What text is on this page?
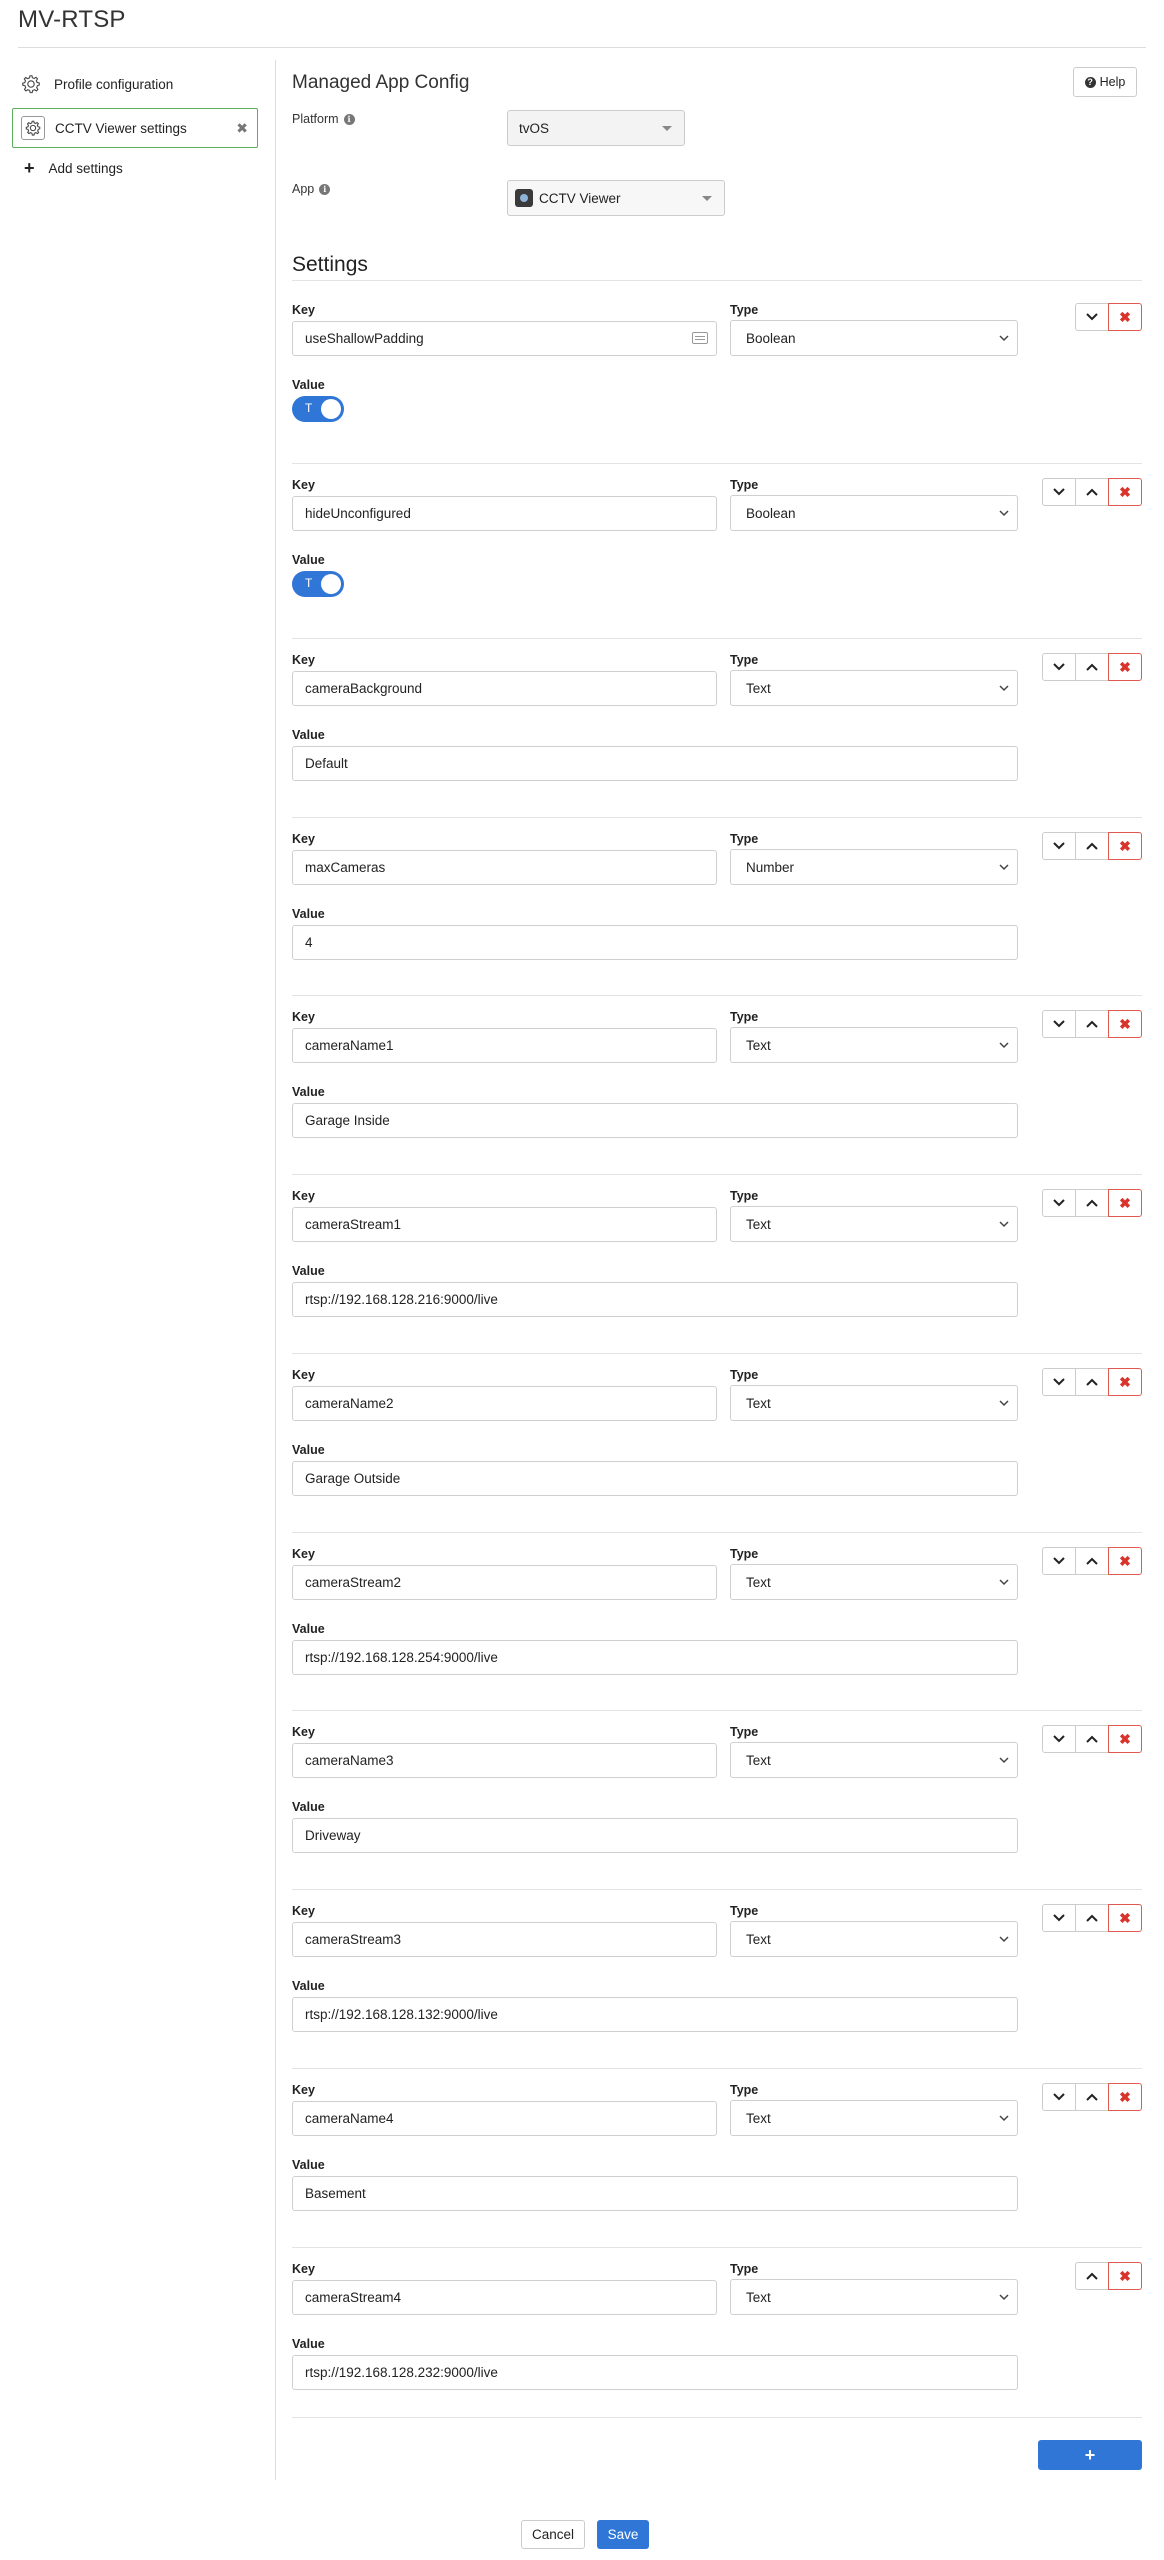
MV-RTSP
Profile configuration
CCTV Viewer settings	✖
+ Add settings
Managed App Config	? Help
Platform	i
tvOS
App	i
CCTV Viewer
Settings
Key	Type
useShallowPadding	Boolean
Value
T
✖
Key	Type
hideUnconfigured	Boolean
Value
T
✖
Key	Type
cameraBackground	Text
Value
Default
✖
Key	Type
maxCameras	Number
Value
4
✖
Key	Type
cameraName1	Text
Value
Garage Inside
✖
Key	Type
cameraStream1	Text
Value
rtsp://192.168.128.216:9000/live
✖
Key	Type
cameraName2	Text
Value
Garage Outside
✖
Key	Type
cameraStream2	Text
Value
rtsp://192.168.128.254:9000/live
✖
Key	Type
cameraName3	Text
Value
Driveway
✖
Key	Type
cameraStream3	Text
Value
rtsp://192.168.128.132:9000/live
✖
Key	Type
cameraName4	Text
Value
Basement
✖
Key	Type
cameraStream4	Text
Value
rtsp://192.168.128.232:9000/live
✖
+
Cancel	Save
